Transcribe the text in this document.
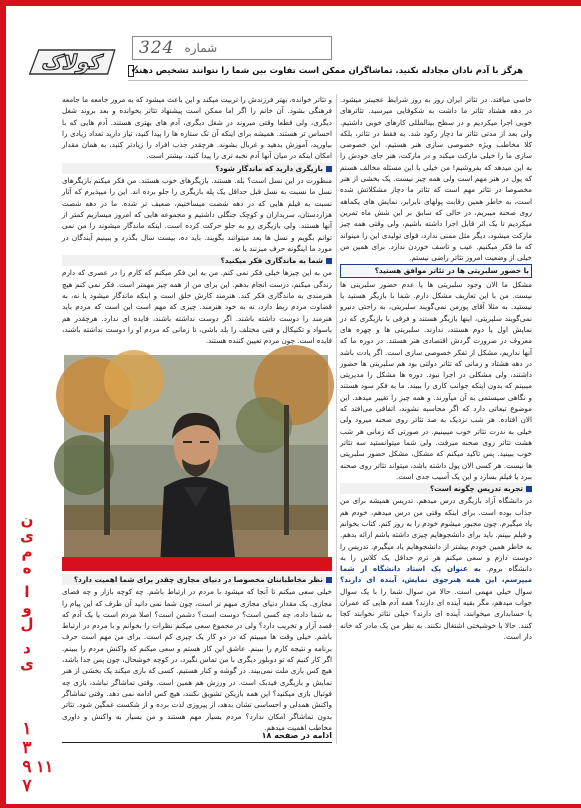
کولاک
324 شماره
✓
هرگز با آدم نادان مجادله نکنید. تماشاگران ممکن است تفاوت بین شما را نتوانند تشخیص دهند
ن
ی
م
ه
ا
و
ل
د
ی
۱
۳
۹
۷
خاصی میافتد. در تئاتر ایران روز به روز شرایط عجیبتر میشود. در دهه هشتاد تئاتر ما داشت به شکوفایی میرسید. تئاترهای خوبی اجرا میکردیم و در سطح بینالمللی کارهای خوبی داشتیم. ولی بعد از مدتی تئاتر ما دچار رکود شد. به فقط در تئاتر، بلکه کلا مخاطب ویژه خصوصی سازی هنر هستیم. این خصوصی سازی ما را خیلی مارکت میکند و در مارکت، هنر جای خودش را به این میدهد که بفروشیم! من خیلی با این مسئله مخالف هستم که پول در هنر مهم است ولی همه چیز نیست. یک بخشی از هنر مخصوصا در تئاتر مهم است که تئاتر ما دچار مشکلاتش شده است، به خاطر همین رقابت پولهای نابرابر، نمایش های یکماهه روی صحنه میبریم، در حالی که سابق بر این شش ماه تمرین میکردیم تا یک اثر قابل اجرا داشته باشیم، ولی وقتی همه چیز مارکت میشود، دیگر مثل ممنی ندارد، قوای تولیدی این را میتواند که ما فکر میکنیم. عیب و تاسف خوردن ندارد. برای همین من خیلی از وضعیت امروز تئاتر راضی نیستم.
با حضور سلبریتی ها در تئاتر موافق هستید؟
مشکل ما الان وجود سلبریتی ها یا عدم حضور سلبریتی ها نیست. من با این تعاریف مشکل دارم. شما با بازیگر هستید یا نیستید. به مثلا آقای پورمن نمی‌گویند سلبریتی، به راحتی دنیرو نمی‌گویند سلبریتی، اینها بازیگر هستند و فرقی با بازیگری که در نمایش اول یا دوم هستند، ندارند. سلبریتی ها و چهره های معروف در ضرورت گردش اقتصادی هنر هستند. در دوره ما که آنها نداریم، مشکل از تفکر خصوصی سازی است. اگر یادت باشد در دهه هشتاد و زمانی که تئاتر دولتی بود هم سلبریتی ها حضور داشتند، ولی مشکلی در اجرا نبود. دوره ها مشکل را مدیریتی میبینم که بدون اینکه جوانب کاری را ببیند. ما به فکر سود هستند و نگاهی سیستمی به آن میآورند. و همه چیز را تغییر میدهد. این موضوع تبعاتی دارد که اگر محاسبه نشوند، اتفاقی می‌افتد که الان افتاده. هر شب نزدیک به صد تئاتر روی صحنه میرود ولی خیلی به ندرت تئاتر خوب میبینیم. در صورتی که زمانی هر شب هشت تئاتر روی صحنه میرفت. ولی شما میتوانستید سه تئاتر خوب ببینید. پس تاکید میکنم که مشکل، مشکل حضور سلبریتی ها نیست. هر کسی الان پول داشته باشد، میتواند تئاتر روی صحنه ببرد یا فیلم بسازد و این یک آسیب جدی است.
تجربه تدریس چگونه است؟
در دانشگاه آزاد بازیگری درس میدهم. تدریس همیشه برای من جذاب بوده است. برای اینکه وقتی من درس میدهم، خودم هم یاد میگیرم. چون مجبور میشوم خودم را به روز کنم. کتاب بخوانم و فیلم ببینم. باید برای دانشجوهایم چیزی داشته باشم ارائه بدهم. به خاطر همین خودم بیشتر از دانشجوهایم یاد میگیرم. تدریس را دوست دارم و سعی میکنم هر ترم حداقل یک کلاس را به دانشگاه بروم. به عنوان یک استاد دانشگاه از شما میپرسم، این همه هنرجوی نمایش، آینده ای دارند؟ سوال خیلی مهمی است. حالا من سوال شما را با یک سوال جواب میدهم، مگر بقیه آینده ای دارند؟ همه آدم هایی که عمران یا حسابداری میخوانند، آینده ای دارند؟ خیلی تئاتر نخوانند کجا کنند. حالا با خوشبختی اشتغال نکنند. به نظر من یک مادر که خانه دار است.
و تئاتر خوانده، بهتر فرزندش را تربیت میکند و این باعث میشود که به مرور جامعه ما جامعه فرهنگی بشود. آن خانم را اگر اما ممکن است پیشنهاد تئاتر بخوانده و بعد بروند شغل دیگری، ولی قطعا وقتی میروند در شغل دیگری، آدم های بهتری هستند. آدم هایی که با احساس تر هستند. همیشه برای اینکه آن تک ستاره ها را پیدا کنید، تیاز دارید تعداد زیادی را بیاورید، آموزش بدهید و غربال بشوند. هرچقدر جذب افراد را زیادتر کنید، به همان مقدار امکان اینکه در میان آنها آدم نخبه تری را پیدا کنید، بیشتر است.
بازیگری دارید که ماندگار شود؟
منظورت در این نسل است؟ بله. هستند. بازیگرهای خوب هستند. من فکر میکنم بازیگرهای نسل ما نسبت به نسل قبل حداقل یک پله بازیگری را جلو برده اند. این را میپذیرم که آثار نسبت به فیلم هایی که در دهه شصت میساختیم، ضعیف تر شده. ما در دهه شصت هزاردستان، سربداران و کوچک جنگلی داشتیم و مجموعه هایی که امروز میسازیم کمتر از آنها هستند. ولی بازیگری رو به جلو حرکت کرده است. اینکه ماندگار میشوند را من نمی توانم بگویم و نسل ها بعد میتوانند بگویند. باید ده، بیست سال بگذرد و ببینیم آیندگان در مورد ما اینگونه حرف میزنند یا نه.
شما به ماندگاری فکر میکنید؟
من به این چیزها خیلی فکر نمی کنم. من به این فکر میکنم که کارم را در عصری که دارم زندگی میکنم، درست انجام بدهم. این برای من از همه چیز مهمتر است. فکر نمی کنم هیچ هنرمندی به ماندگاری فکر کند. هنرمند کارش خلق است و اینکه ماندگار میشود یا نه، به قضاوت مردم ربط دارد، نه به خود هنرمند. چیزی که مهم است این است که مردم باید هنرمند را دوست داشته باشند. اگر دوست نداشته باشند، فایده ای ندارد. هرچقدر هم باسواد و تکنیکال و فنی مختلف را بلد باشی، تا زمانی که مردم او را دوست نداشته باشند، فایده است. چون مردم تعیین کننده هستند.
نظر مخاطباننان مخصوصا در دنیای مجازی چقدر برای شما اهمیت دارد؟
خیلی سعی میکنم تا آنجا که میشود با مردم در ارتباط باشم. چه کوچه بازار و چه فضای مجازی. یک مقدار دنیای مجازی مبهم تر است، چون شما نمی دانید آن طرف که این پیام را به شما داده، چه کسی است؟ دوست است؟ دشمن است؟ اصلا مردم است یا یک آدم که قصد آزار و تخریب دارد؟ ولی در مجموع سعی میکنم نظرات را بخوانم و با مردم در ارتباط باشم. خیلی وقت ها میبینم که در دو کار یک چیزی کم است. برای من مهم است حرف برنامه و نتیجه کارم را ببینم. عاشق این کار هستم و سعی میکنم که واکنش مردم را ببینم. اگر کار کنیم که تو دوبلور دیگری با من تماس نگیرد، در کوچه خوشحال، چون پس جدا باشد، هیچ کس بازی ملت نمی‌بیند. در گوشه و کنار هستیم. کسی که بازی میکند یک بخشی از هنر نمایش و بازیگری فیدبک است. در ورزش هم همین است. وقتی تماشاگر نباشد، بازی چه فوتبال بازی میکنید؟ این همه بازیکن تشویق نکنند، هیچ کس ادامه نمی دهد. وقتی تماشاگر واکنش همدلی و احساسی تشان بدهد، از پیروزی لذت برده و از شکست غمگین شود. تئاتر بدون تماشاگر امکان ندارد؟ مردم بسیار مهم هستند و من بسیار به واکنش و داوری مخاطب اهمیت میدهم.
ادامه در صفحه ۱۸
۱۱
